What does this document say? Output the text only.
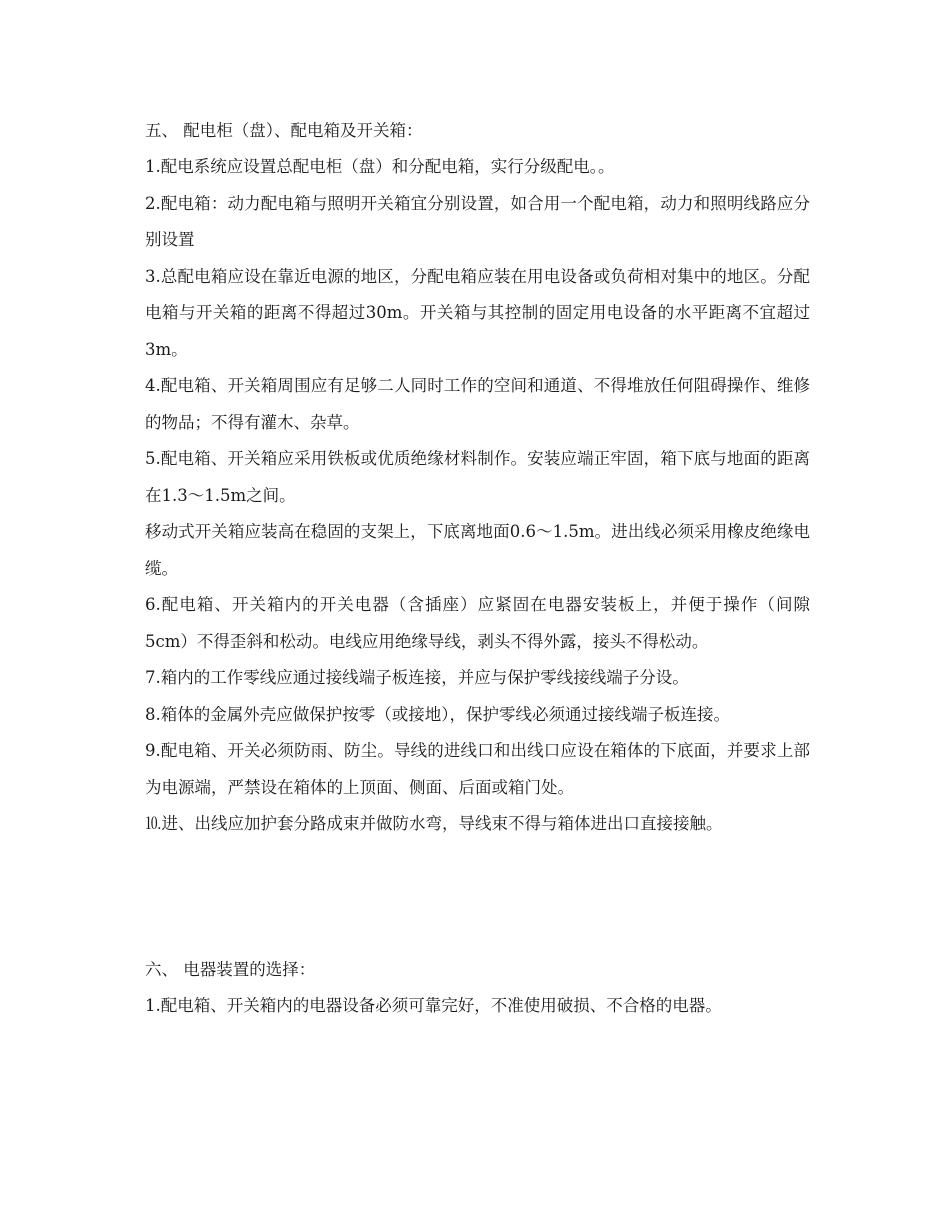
五、 配电柜（盘）、配电箱及开关箱：

1.配电系统应设置总配电柜（盘）和分配电箱，实行分级配电。。

2.配电箱：动力配电箱与照明开关箱宜分别设置，如合用一个配电箱，动力和照明线路应分别设置

3.总配电箱应设在靠近电源的地区，分配电箱应装在用电设备或负荷相对集中的地区。分配电箱与开关箱的距离不得超过30m。开关箱与其控制的固定用电设备的水平距离不宜超过3m。

4.配电箱、开关箱周围应有足够二人同时工作的空间和通道、不得堆放任何阻碍操作、维修的物品；不得有灌木、杂草。

5.配电箱、开关箱应采用铁板或优质绝缘材料制作。安装应端正牢固，箱下底与地面的距离在1.3～1.5m之间。

移动式开关箱应装高在稳固的支架上，下底离地面0.6～1.5m。进出线必须采用橡皮绝缘电缆。

6.配电箱、开关箱内的开关电器（含插座）应紧固在电器安装板上，并便于操作（间隙5cm）不得歪斜和松动。电线应用绝缘导线，剥头不得外露，接头不得松动。

7.箱内的工作零线应通过接线端子板连接，并应与保护零线接线端子分设。

8.箱体的金属外壳应做保护按零（或接地），保护零线必须通过接线端子板连接。

9.配电箱、开关必须防雨、防尘。导线的进线口和出线口应设在箱体的下底面，并要求上部为电源端，严禁设在箱体的上顶面、侧面、后面或箱门处。

⒑进、出线应加护套分路成束并做防水弯，导线束不得与箱体进出口直接接触。

六、 电器装置的选择：

1.配电箱、开关箱内的电器设备必须可靠完好，不准使用破损、不合格的电器。
